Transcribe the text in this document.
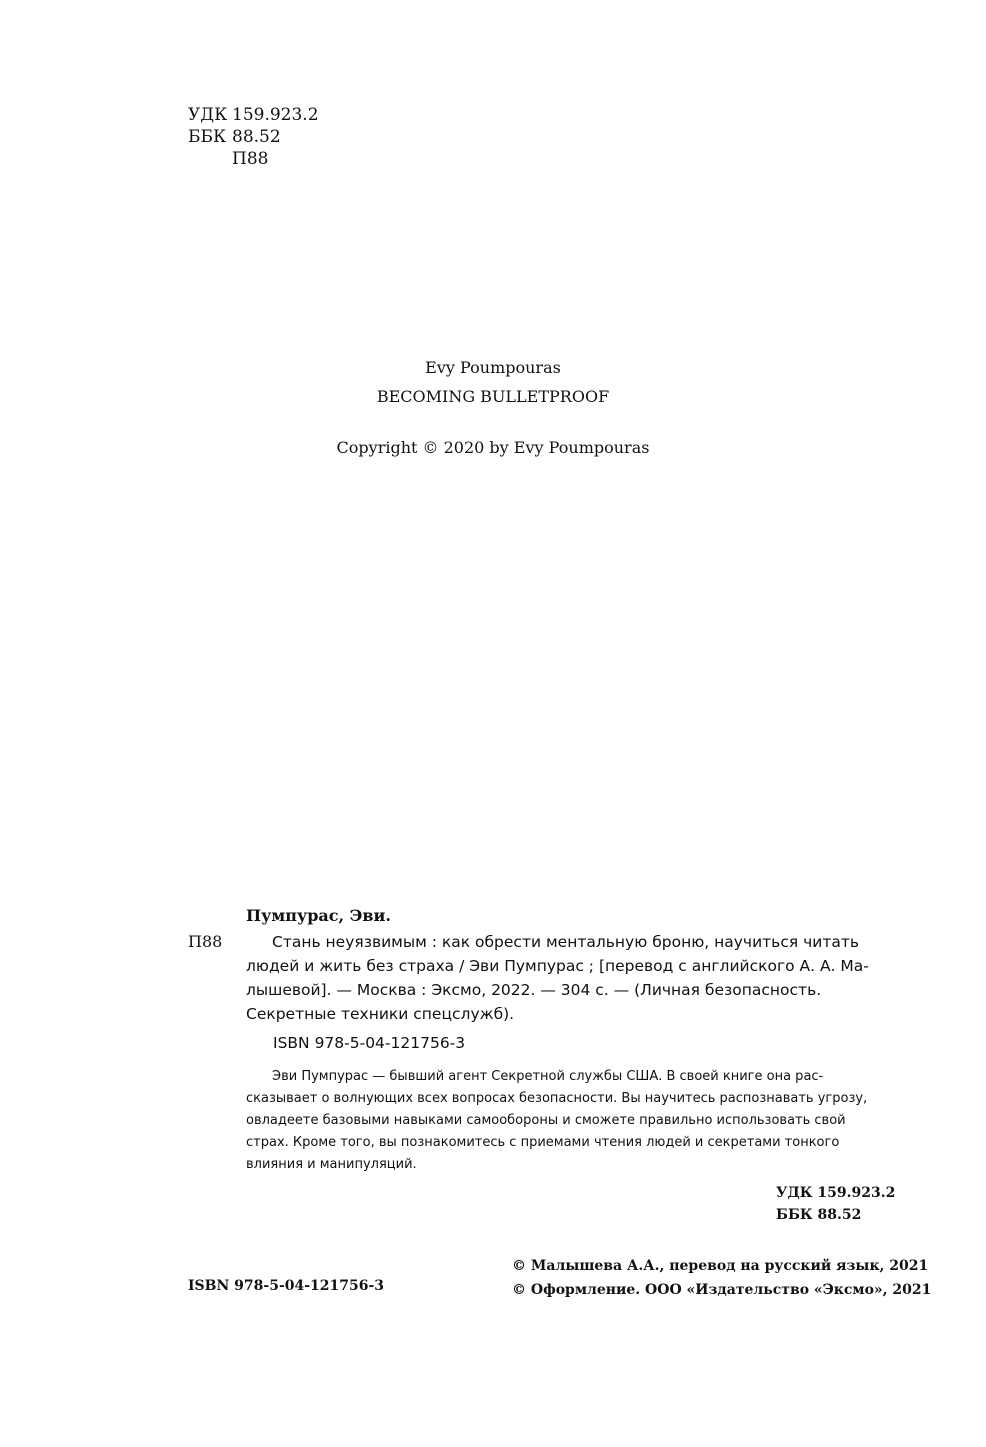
УДК 159.923.2
ББК 88.52
П88
Evy Poumpouras
BECOMING BULLETPROOF
Copyright © 2020 by Evy Poumpouras
Пумпурас, Эви.
П88	Стань неуязвимым : как обрести ментальную броню, научиться читать
людей и жить без страха / Эви Пумпурас ; [перевод с английского А. А. Ма-
лышевой]. — Москва : Эксмо, 2022. — 304 с. — (Личная безопасность.
Секретные техники спецслужб).
ISBN 978-5-04-121756-3
Эви Пумпурас — бывший агент Секретной службы США. В своей книге она рас-
сказывает о волнующих всех вопросах безопасности. Вы научитесь распознавать угрозу,
овладеете базовыми навыками самообороны и сможете правильно использовать свой
страх. Кроме того, вы познакомитесь с приемами чтения людей и секретами тонкого
влияния и манипуляций.
УДК 159.923.2
ББК 88.52
ISBN 978-5-04-121756-3
© Малышева А.А., перевод на русский язык, 2021
© Оформление. ООО «Издательство «Эксмо», 2021
